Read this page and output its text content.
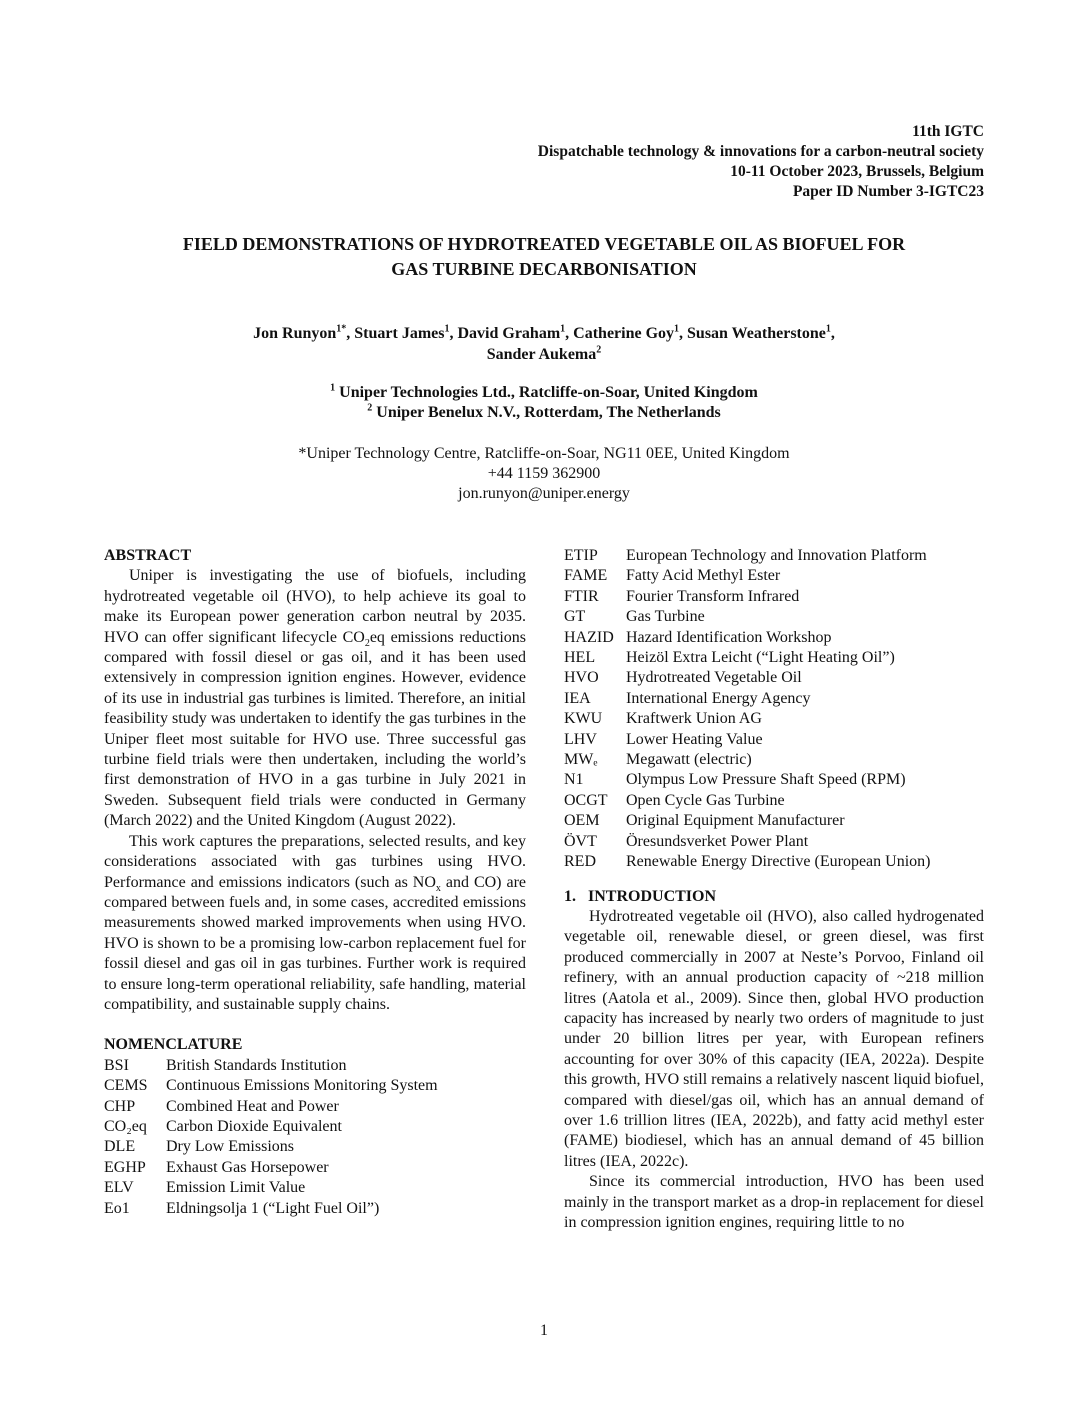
11th IGTC
Dispatchable technology & innovations for a carbon-neutral society
10-11 October 2023, Brussels, Belgium
Paper ID Number 3-IGTC23
FIELD DEMONSTRATIONS OF HYDROTREATED VEGETABLE OIL AS BIOFUEL FOR
GAS TURBINE DECARBONISATION
Jon Runyon$^{1*}$, Stuart James$^1$, David Graham$^1$, Catherine Goy$^1$, Susan Weatherstone$^1$,
Sander Aukema$^2$
$^1$ Uniper Technologies Ltd., Ratcliffe-on-Soar, United Kingdom
$^2$ Uniper Benelux N.V., Rotterdam, The Netherlands
*Uniper Technology Centre, Ratcliffe-on-Soar, NG11 0EE, United Kingdom
+44 1159 362900
jon.runyon@uniper.energy
ABSTRACT

Uniper is investigating the use of biofuels, including hydrotreated vegetable oil (HVO), to help achieve its goal to make its European power generation carbon neutral by 2035. HVO can offer significant lifecycle $CO_2eq$ emissions reductions compared with fossil diesel or gas oil, and it has been used extensively in compression ignition engines. However, evidence of its use in industrial gas turbines is limited. Therefore, an initial feasibility study was undertaken to identify the gas turbines in the Uniper fleet most suitable for HVO use. Three successful gas turbine field trials were then undertaken, including the world’s first demonstration of HVO in a gas turbine in July 2021 in Sweden. Subsequent field trials were conducted in Germany (March 2022) and the United Kingdom (August 2022).

This work captures the preparations, selected results, and key considerations associated with gas turbines using HVO. Performance and emissions indicators (such as $NO_x$ and CO) are compared between fuels and, in some cases, accredited emissions measurements showed marked improvements when using HVO. HVO is shown to be a promising low-carbon replacement fuel for fossil diesel and gas oil in gas turbines. Further work is required to ensure long-term operational reliability, safe handling, material compatibility, and sustainable supply chains.

NOMENCLATURE
BSI	British Standards Institution
CEMS	Continuous Emissions Monitoring System
CHP	Combined Heat and Power
CO₂eq	Carbon Dioxide Equivalent
DLE	Dry Low Emissions
EGHP	Exhaust Gas Horsepower
ELV	Emission Limit Value
Eo1	Eldningsolja 1 (“Light Fuel Oil”)
ETIP	European Technology and Innovation Platform
FAME	Fatty Acid Methyl Ester
FTIR	Fourier Transform Infrared
GT	Gas Turbine
HAZID Hazard Identification Workshop
HEL	Heizöl Extra Leicht (“Light Heating Oil”)
HVO	Hydrotreated Vegetable Oil
IEA	International Energy Agency
KWU	Kraftwerk Union AG
LHV	Lower Heating Value
MWₑ	Megawatt (electric)
N1	Olympus Low Pressure Shaft Speed (RPM)
OCGT	Open Cycle Gas Turbine
OEM	Original Equipment Manufacturer
ÖVT	Öresundsverket Power Plant
RED	Renewable Energy Directive (European Union)
1.   INTRODUCTION

Hydrotreated vegetable oil (HVO), also called hydrogenated vegetable oil, renewable diesel, or green diesel, was first produced commercially in 2007 at Neste’s Porvoo, Finland oil refinery, with an annual production capacity of ~218 million litres (Aatola et al., 2009). Since then, global HVO production capacity has increased by nearly two orders of magnitude to just under 20 billion litres per year, with European refiners accounting for over 30% of this capacity (IEA, 2022a). Despite this growth, HVO still remains a relatively nascent liquid biofuel, compared with diesel/gas oil, which has an annual demand of over 1.6 trillion litres (IEA, 2022b), and fatty acid methyl ester (FAME) biodiesel, which has an annual demand of 45 billion litres (IEA, 2022c).

Since its commercial introduction, HVO has been used mainly in the transport market as a drop-in replacement for diesel in compression ignition engines, requiring little to no

1
